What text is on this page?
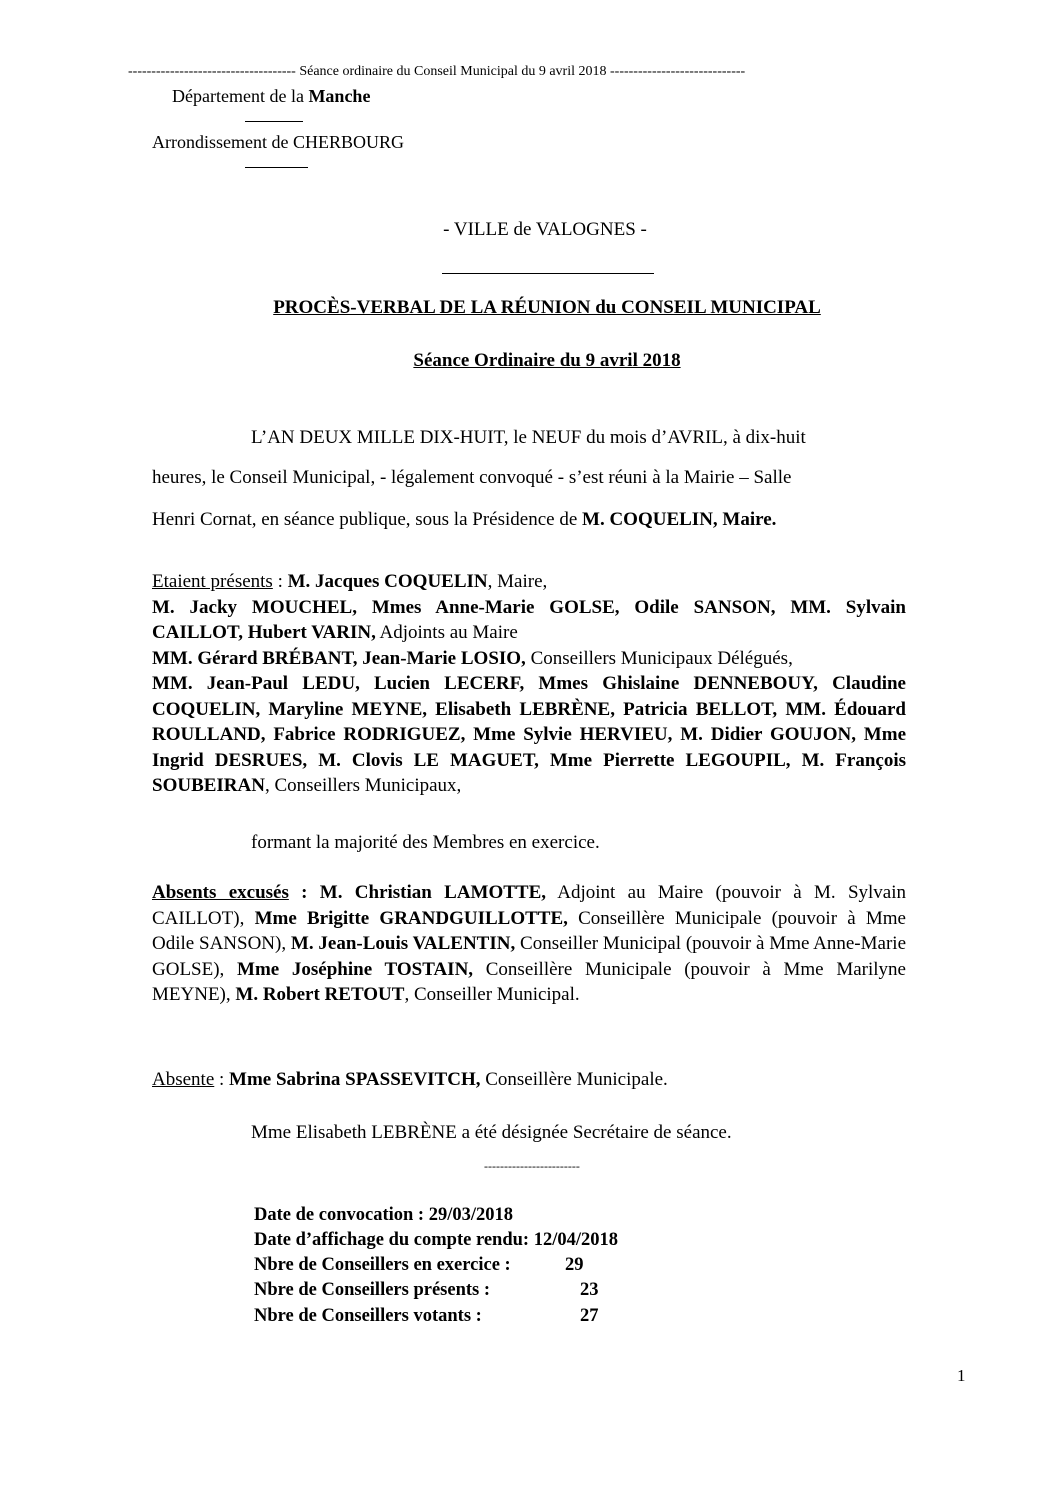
------------------------------------ Séance ordinaire du Conseil Municipal du 9 avril 2018 -----------------------------
Département de la Manche
Arrondissement de CHERBOURG
- VILLE de VALOGNES -
PROCÈS-VERBAL DE LA RÉUNION du CONSEIL MUNICIPAL
Séance Ordinaire du 9 avril 2018
L’AN DEUX MILLE DIX-HUIT, le NEUF du mois d’AVRIL, à dix-huit
heures, le Conseil Municipal, - légalement convoqué - s’est réuni à la Mairie – Salle
Henri Cornat, en séance publique, sous la Présidence de M. COQUELIN, Maire.

Etaient présents : M. Jacques COQUELIN, Maire,
M. Jacky MOUCHEL, Mmes Anne-Marie GOLSE, Odile SANSON, MM. Sylvain CAILLOT, Hubert VARIN, Adjoints au Maire
MM. Gérard BRÉBANT, Jean-Marie LOSIO, Conseillers Municipaux Délégués,
MM. Jean-Paul LEDU, Lucien LECERF, Mmes Ghislaine DENNEBOUY, Claudine COQUELIN, Maryline MEYNE, Elisabeth LEBRÈNE, Patricia BELLOT, MM. Édouard ROULLAND, Fabrice RODRIGUEZ, Mme Sylvie HERVIEU, M. Didier GOUJON, Mme Ingrid DESRUES, M. Clovis LE MAGUET, Mme Pierrette LEGOUPIL, M. François SOUBEIRAN, Conseillers Municipaux,

formant la majorité des Membres en exercice.

Absents excusés : M. Christian LAMOTTE, Adjoint au Maire (pouvoir à M. Sylvain CAILLOT), Mme Brigitte GRANDGUILLOTTE, Conseillère Municipale (pouvoir à Mme Odile SANSON), M. Jean-Louis VALENTIN, Conseiller Municipal (pouvoir à Mme Anne-Marie GOLSE), Mme Joséphine TOSTAIN, Conseillère Municipale (pouvoir à Mme Marilyne MEYNE), M. Robert RETOUT, Conseiller Municipal.

Absente : Mme Sabrina SPASSEVITCH, Conseillère Municipale.
Mme Elisabeth LEBRÈNE a été désignée Secrétaire de séance.
------------------------
Date de convocation : 29/03/2018
Date d’affichage du compte rendu: 12/04/2018
Nbre de Conseillers en exercice :	29
Nbre de Conseillers présents :	23
Nbre de Conseillers votants :	27
1
